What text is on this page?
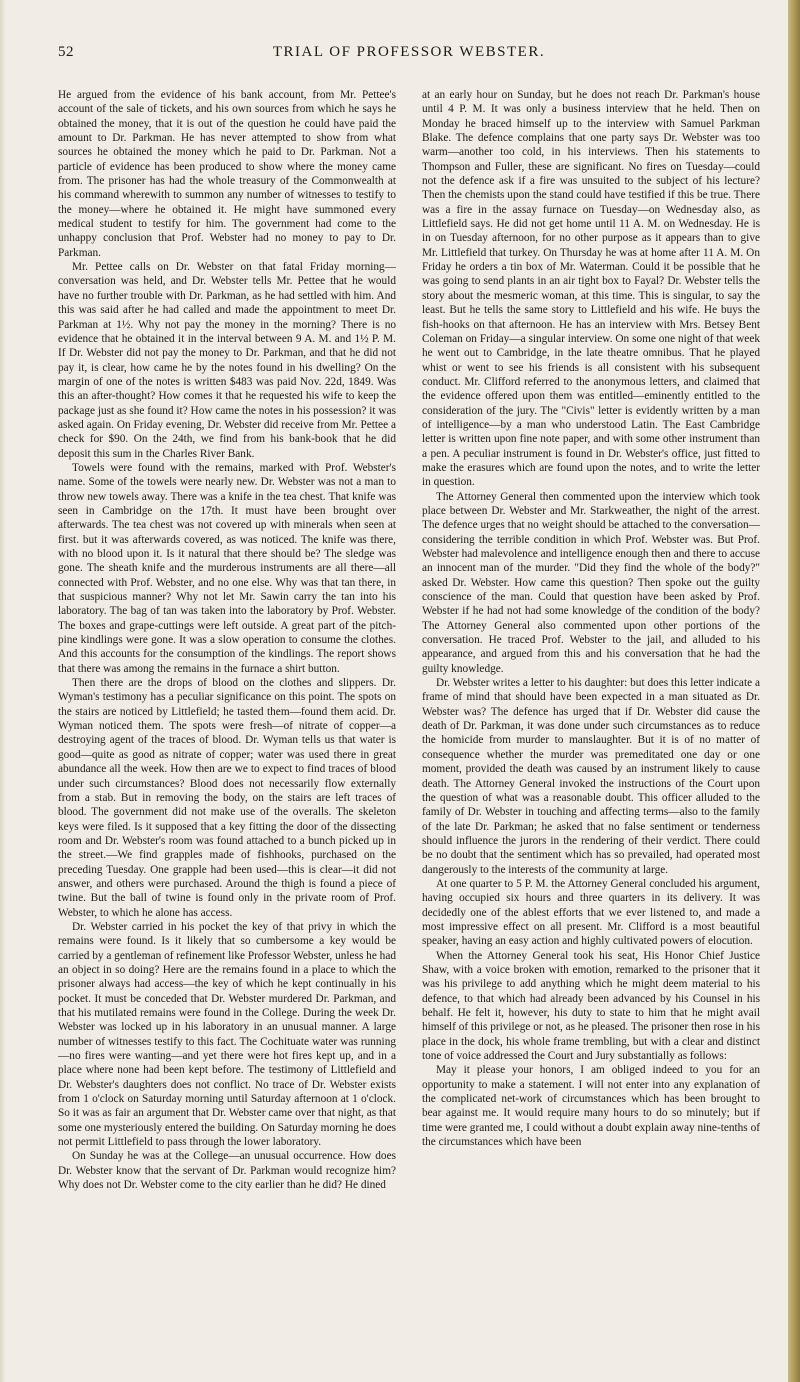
52	TRIAL OF PROFESSOR WEBSTER.

He argued from the evidence of his bank account, from Mr. Pettee's account of the sale of tickets, and his own sources from which he says he obtained the money, that it is out of the question he could have paid the amount to Dr. Parkman. He has never attempted to show from what sources he obtained the money which he paid to Dr. Parkman. Not a particle of evidence has been produced to show where the money came from. The prisoner has had the whole treasury of the Commonwealth at his command wherewith to summon any number of witnesses to testify to the money—where he obtained it. He might have summoned every medical student to testify for him. The government had come to the unhappy conclusion that Prof. Webster had no money to pay to Dr. Parkman.

Mr. Pettee calls on Dr. Webster on that fatal Friday morning—conversation was held, and Dr. Webster tells Mr. Pettee that he would have no further trouble with Dr. Parkman, as he had settled with him. And this was said after he had called and made the appointment to meet Dr. Parkman at 1½. Why not pay the money in the morning? There is no evidence that he obtained it in the interval between 9 A. M. and 1½ P. M. If Dr. Webster did not pay the money to Dr. Parkman, and that he did not pay it, is clear, how came he by the notes found in his dwelling? On the margin of one of the notes is written $483 was paid Nov. 22d, 1849. Was this an after-thought? How comes it that he requested his wife to keep the package just as she found it? How came the notes in his possession? it was asked again. On Friday evening, Dr. Webster did receive from Mr. Pettee a check for $90. On the 24th, we find from his bank-book that he did deposit this sum in the Charles River Bank.

Towels were found with the remains, marked with Prof. Webster's name. Some of the towels were nearly new. Dr. Webster was not a man to throw new towels away. There was a knife in the tea chest. That knife was seen in Cambridge on the 17th. It must have been brought over afterwards. The tea chest was not covered up with minerals when seen at first. but it was afterwards covered, as was noticed. The knife was there, with no blood upon it. Is it natural that there should be? The sledge was gone. The sheath knife and the murderous instruments are all there—all connected with Prof. Webster, and no one else. Why was that tan there, in that suspicious manner? Why not let Mr. Sawin carry the tan into his laboratory. The bag of tan was taken into the laboratory by Prof. Webster. The boxes and grape-cuttings were left outside. A great part of the pitch-pine kindlings were gone. It was a slow operation to consume the clothes. And this accounts for the consumption of the kindlings. The report shows that there was among the remains in the furnace a shirt button.

Then there are the drops of blood on the clothes and slippers. Dr. Wyman's testimony has a peculiar significance on this point. The spots on the stairs are noticed by Littlefield; he tasted them—found them acid. Dr. Wyman noticed them. The spots were fresh—of nitrate of copper—a destroying agent of the traces of blood. Dr. Wyman tells us that water is good—quite as good as nitrate of copper; water was used there in great abundance all the week. How then are we to expect to find traces of blood under such circumstances? Blood does not necessarily flow externally from a stab. But in removing the body, on the stairs are left traces of blood. The government did not make use of the overalls. The skeleton keys were filed. Is it supposed that a key fitting the door of the dissecting room and Dr. Webster's room was found attached to a bunch picked up in the street.—We find grapples made of fishhooks, purchased on the preceding Tuesday. One grapple had been used—this is clear—it did not answer, and others were purchased. Around the thigh is found a piece of twine. But the ball of twine is found only in the private room of Prof. Webster, to which he alone has access.

Dr. Webster carried in his pocket the key of that privy in which the remains were found. Is it likely that so cumbersome a key would be carried by a gentleman of refinement like Professor Webster, unless he had an object in so doing? Here are the remains found in a place to which the prisoner always had access—the key of which he kept continually in his pocket. It must be conceded that Dr. Webster murdered Dr. Parkman, and that his mutilated remains were found in the College. During the week Dr. Webster was locked up in his laboratory in an unusual manner. A large number of witnesses testify to this fact. The Cochituate water was running—no fires were wanting—and yet there were hot fires kept up, and in a place where none had been kept before. The testimony of Littlefield and Dr. Webster's daughters does not conflict. No trace of Dr. Webster exists from 1 o'clock on Saturday morning until Saturday afternoon at 1 o'clock. So it was as fair an argument that Dr. Webster came over that night, as that some one mysteriously entered the building. On Saturday morning he does not permit Littlefield to pass through the lower laboratory.

On Sunday he was at the College—an unusual occurrence. How does Dr. Webster know that the servant of Dr. Parkman would recognize him? Why does not Dr. Webster come to the city earlier than he did? He dined

at an early hour on Sunday, but he does not reach Dr. Parkman's house until 4 P. M. It was only a business interview that he held. Then on Monday he braced himself up to the interview with Samuel Parkman Blake. The defence complains that one party says Dr. Webster was too warm—another too cold, in his interviews. Then his statements to Thompson and Fuller, these are significant. No fires on Tuesday—could not the defence ask if a fire was unsuited to the subject of his lecture? Then the chemists upon the stand could have testified if this be true. There was a fire in the assay furnace on Tuesday—on Wednesday also, as Littlefield says. He did not get home until 11 A. M. on Wednesday. He is in on Tuesday afternoon, for no other purpose as it appears than to give Mr. Littlefield that turkey. On Thursday he was at home after 11 A. M. On Friday he orders a tin box of Mr. Waterman. Could it be possible that he was going to send plants in an air tight box to Fayal? Dr. Webster tells the story about the mesmeric woman, at this time. This is singular, to say the least. But he tells the same story to Littlefield and his wife. He buys the fish-hooks on that afternoon. He has an interview with Mrs. Betsey Bent Coleman on Friday—a singular interview. On some one night of that week he went out to Cambridge, in the late theatre omnibus. That he played whist or went to see his friends is all consistent with his subsequent conduct. Mr. Clifford referred to the anonymous letters, and claimed that the evidence offered upon them was entitled—eminently entitled to the consideration of the jury. The "Civis" letter is evidently written by a man of intelligence—by a man who understood Latin. The East Cambridge letter is written upon fine note paper, and with some other instrument than a pen. A peculiar instrument is found in Dr. Webster's office, just fitted to make the erasures which are found upon the notes, and to write the letter in question.

The Attorney General then commented upon the interview which took place between Dr. Webster and Mr. Starkweather, the night of the arrest. The defence urges that no weight should be attached to the conversation—considering the terrible condition in which Prof. Webster was. But Prof. Webster had malevolence and intelligence enough then and there to accuse an innocent man of the murder. "Did they find the whole of the body?" asked Dr. Webster. How came this question? Then spoke out the guilty conscience of the man. Could that question have been asked by Prof. Webster if he had not had some knowledge of the condition of the body? The Attorney General also commented upon other portions of the conversation. He traced Prof. Webster to the jail, and alluded to his appearance, and argued from this and his conversation that he had the guilty knowledge.

Dr. Webster writes a letter to his daughter: but does this letter indicate a frame of mind that should have been expected in a man situated as Dr. Webster was? The defence has urged that if Dr. Webster did cause the death of Dr. Parkman, it was done under such circumstances as to reduce the homicide from murder to manslaughter. But it is of no matter of consequence whether the murder was premeditated one day or one moment, provided the death was caused by an instrument likely to cause death. The Attorney General invoked the instructions of the Court upon the question of what was a reasonable doubt. This officer alluded to the family of Dr. Webster in touching and affecting terms—also to the family of the late Dr. Parkman; he asked that no false sentiment or tenderness should influence the jurors in the rendering of their verdict. There could be no doubt that the sentiment which has so prevailed, had operated most dangerously to the interests of the community at large.

At one quarter to 5 P. M. the Attorney General concluded his argument, having occupied six hours and three quarters in its delivery. It was decidedly one of the ablest efforts that we ever listened to, and made a most impressive effect on all present. Mr. Clifford is a most beautiful speaker, having an easy action and highly cultivated powers of elocution.

When the Attorney General took his seat, His Honor Chief Justice Shaw, with a voice broken with emotion, remarked to the prisoner that it was his privilege to add anything which he might deem material to his defence, to that which had already been advanced by his Counsel in his behalf. He felt it, however, his duty to state to him that he might avail himself of this privilege or not, as he pleased. The prisoner then rose in his place in the dock, his whole frame trembling, but with a clear and distinct tone of voice addressed the Court and Jury substantially as follows:

May it please your honors, I am obliged indeed to you for an opportunity to make a statement. I will not enter into any explanation of the complicated net-work of circumstances which has been brought to bear against me. It would require many hours to do so minutely; but if time were granted me, I could without a doubt explain away nine-tenths of the circumstances which have been
